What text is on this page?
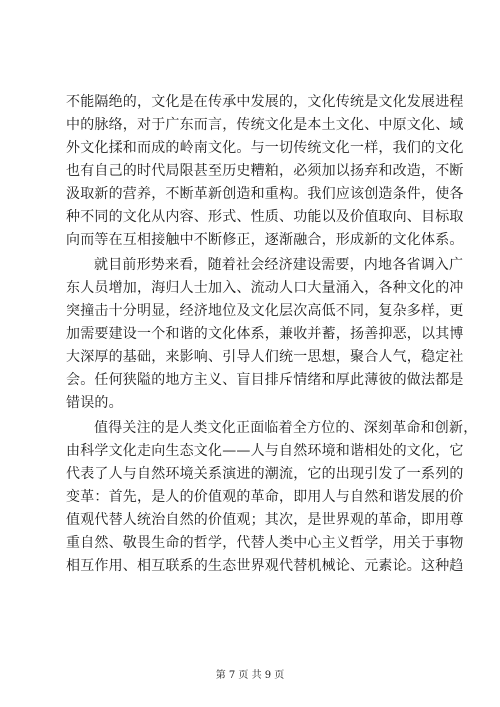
不能隔绝的，文化是在传承中发展的，文化传统是文化发展进程
中的脉络，对于广东而言，传统文化是本土文化、中原文化、域
外文化揉和而成的岭南文化。与一切传统文化一样，我们的文化
也有自己的时代局限甚至历史糟粕，必须加以扬弃和改造，不断
汲取新的营养，不断革新创造和重构。我们应该创造条件，使各
种不同的文化从内容、形式、性质、功能以及价值取向、目标取
向而等在互相接触中不断修正，逐渐融合，形成新的文化体系。
就目前形势来看，随着社会经济建设需要，内地各省调入广
东人员增加，海归人士加入、流动人口大量涌入，各种文化的冲
突撞击十分明显，经济地位及文化层次高低不同，复杂多样，更
加需要建设一个和谐的文化体系，兼收并蓄，扬善抑恶，以其博
大深厚的基础，来影响、引导人们统一思想，聚合人气，稳定社
会。任何狭隘的地方主义、盲目排斥情绪和厚此薄彼的做法都是
错误的。
值得关注的是人类文化正面临着全方位的、深刻革命和创新，
由科学文化走向生态文化——人与自然环境和谐相处的文化，它
代表了人与自然环境关系演进的潮流，它的出现引发了一系列的
变革：首先，是人的价值观的革命，即用人与自然和谐发展的价
值观代替人统治自然的价值观；其次，是世界观的革命，即用尊
重自然、敬畏生命的哲学，代替人类中心主义哲学，用关于事物
相互作用、相互联系的生态世界观代替机械论、元素论。这种趋
第 7 页 共 9 页
